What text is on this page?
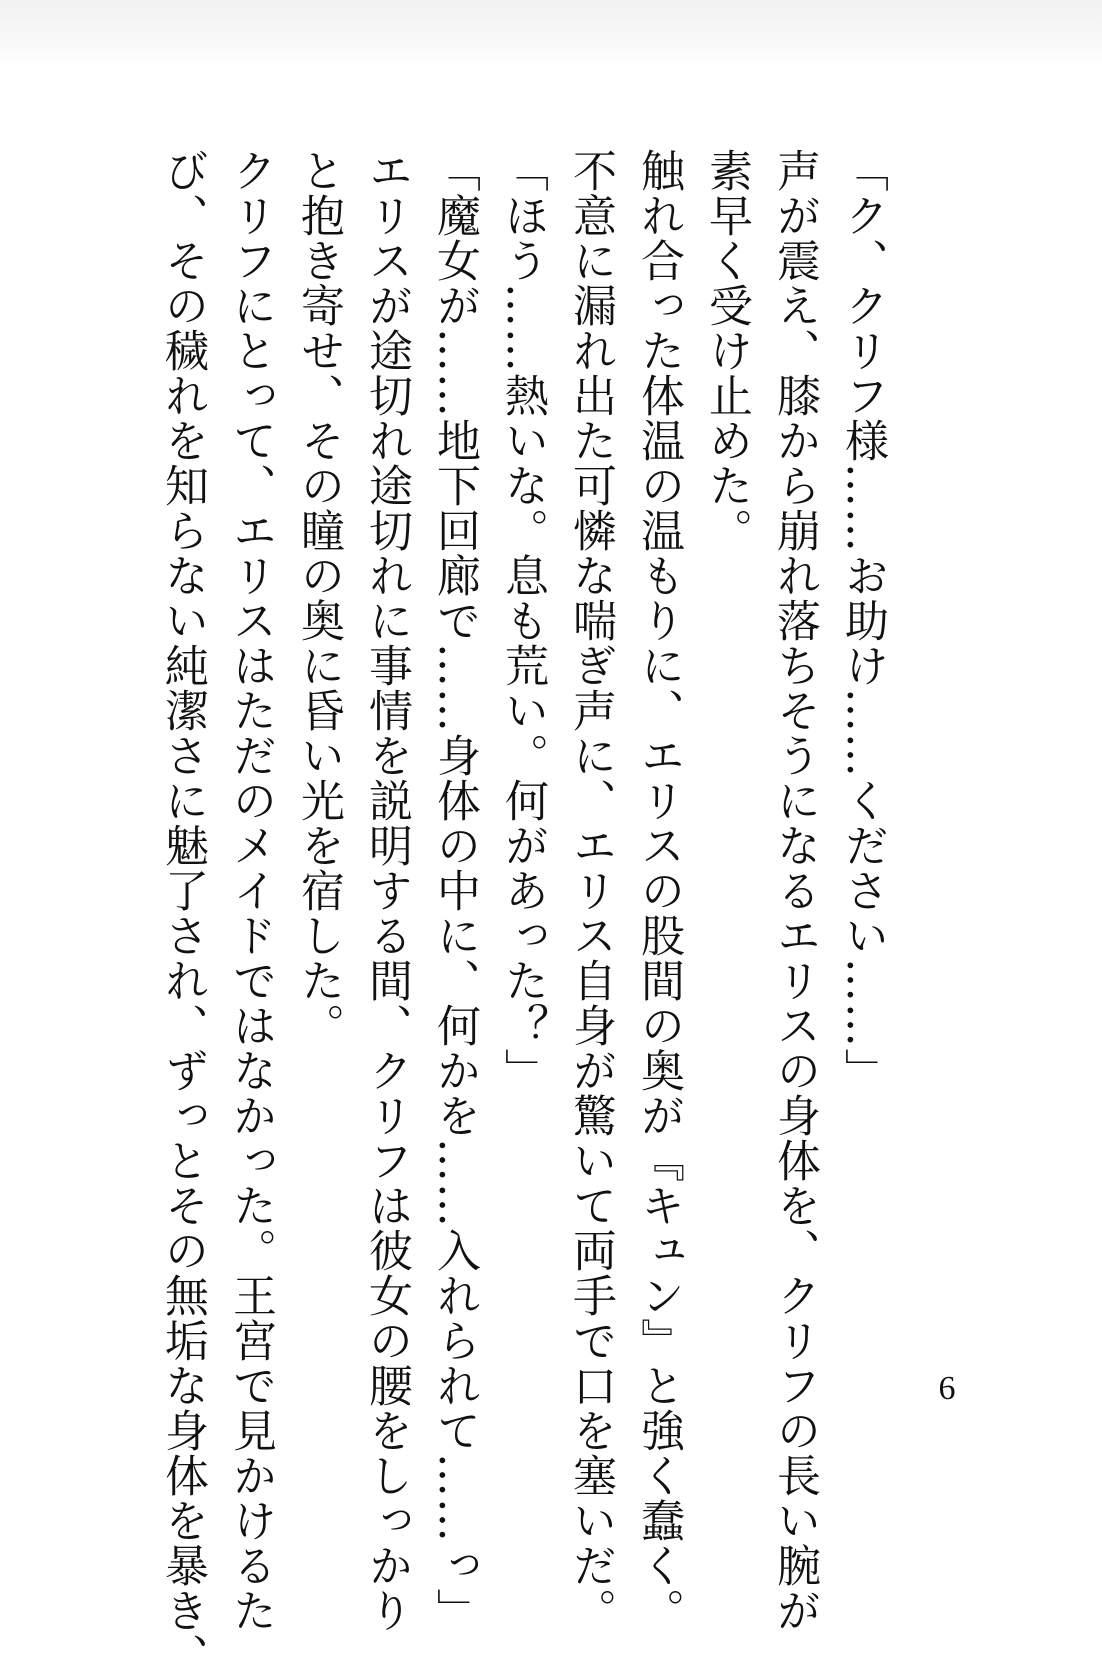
「ク、クリフ様……お助け……ください……」
声が震え、膝から崩れ落ちそうになるエリスの身体を、クリフの長い腕が
素早く受け止めた。
触れ合った体温の温もりに、エリスの股間の奥が『キュン』と強く蠢く。
不意に漏れ出た可憐な喘ぎ声に、エリス自身が驚いて両手で口を塞いだ。
「ほう……熱いな。息も荒い。何があった？」
「魔女が……地下回廊で……身体の中に、何かを……入れられて……っ」
エリスが途切れ途切れに事情を説明する間、クリフは彼女の腰をしっかり
と抱き寄せ、その瞳の奥に昏い光を宿した。
クリフにとって、エリスはただのメイドではなかった。王宮で見かけるた
び、その穢れを知らない純潔さに魅了され、ずっとその無垢な身体を暴き、	6
